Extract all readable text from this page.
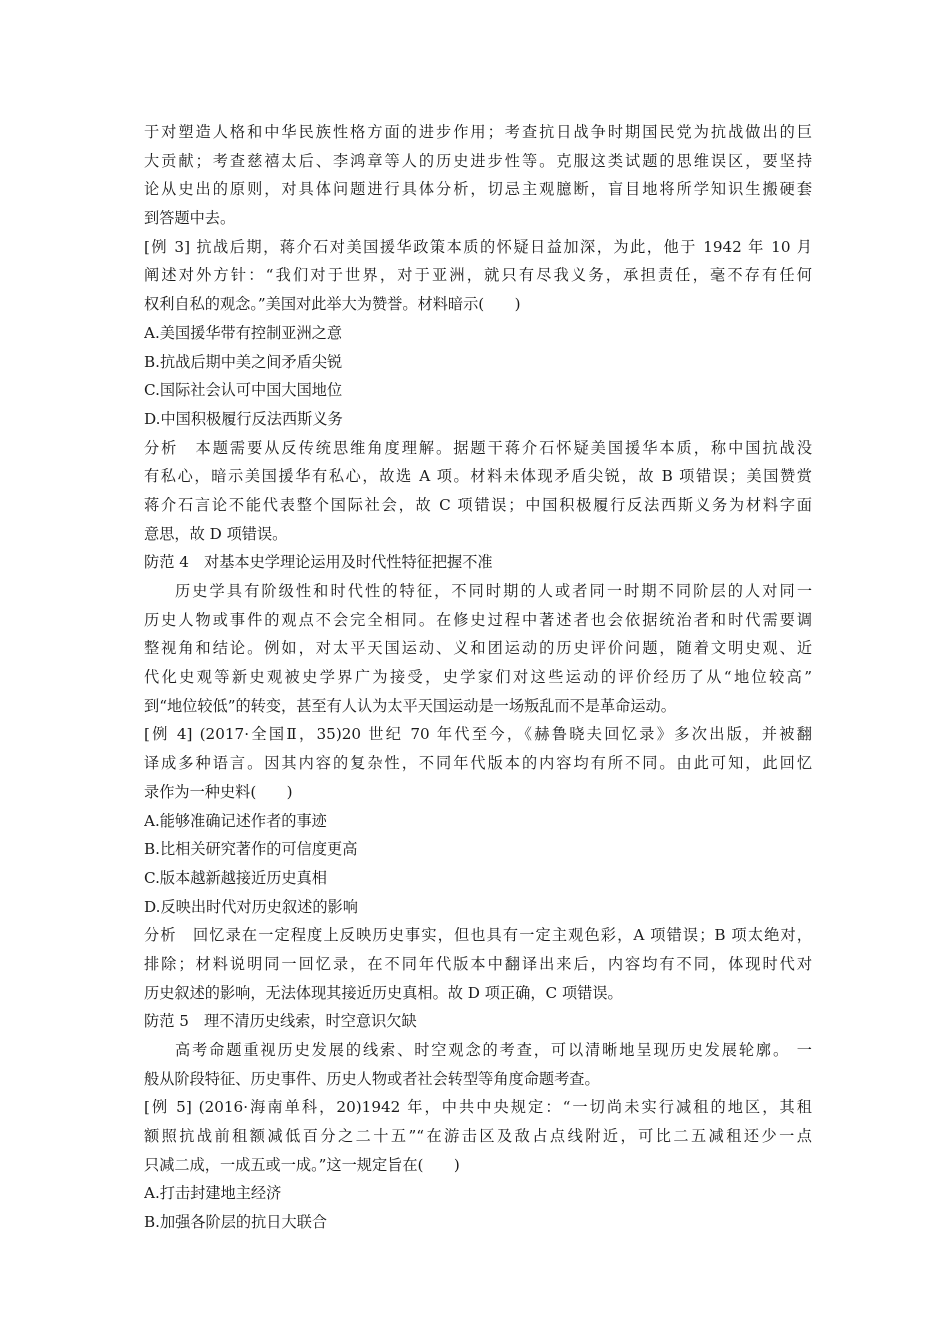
于对塑造人格和中华民族性格方面的进步作用；考查抗日战争时期国民党为抗战做出的巨
大贡献；考查慈禧太后、李鸿章等人的历史进步性等。克服这类试题的思维误区，要坚持
论从史出的原则，对具体问题进行具体分析，切忌主观臆断，盲目地将所学知识生搬硬套
到答题中去。
[例 3] 抗战后期，蒋介石对美国援华政策本质的怀疑日益加深，为此，他于 1942 年 10 月
阐述对外方针：“我们对于世界，对于亚洲，就只有尽我义务，承担责任，毫不存有任何
权利自私的观念。”美国对此举大为赞誉。材料暗示(　　)
A.美国援华带有控制亚洲之意
B.抗战后期中美之间矛盾尖锐
C.国际社会认可中国大国地位
D.中国积极履行反法西斯义务
分析　本题需要从反传统思维角度理解。据题干蒋介石怀疑美国援华本质，称中国抗战没
有私心，暗示美国援华有私心，故选 A 项。材料未体现矛盾尖锐，故 B 项错误；美国赞赏
蒋介石言论不能代表整个国际社会，故 C 项错误；中国积极履行反法西斯义务为材料字面
意思，故 D 项错误。
防范 4　对基本史学理论运用及时代性特征把握不准
历史学具有阶级性和时代性的特征，不同时期的人或者同一时期不同阶层的人对同一
历史人物或事件的观点不会完全相同。在修史过程中著述者也会依据统治者和时代需要调
整视角和结论。例如，对太平天国运动、义和团运动的历史评价问题，随着文明史观、近
代化史观等新史观被史学界广为接受，史学家们对这些运动的评价经历了从“地位较高”
到“地位较低”的转变，甚至有人认为太平天国运动是一场叛乱而不是革命运动。
[例 4] (2017·全国Ⅱ，35)20 世纪 70 年代至今，《赫鲁晓夫回忆录》多次出版，并被翻
译成多种语言。因其内容的复杂性，不同年代版本的内容均有所不同。由此可知，此回忆
录作为一种史料(　　)
A.能够准确记述作者的事迹
B.比相关研究著作的可信度更高
C.版本越新越接近历史真相
D.反映出时代对历史叙述的影响
分析　回忆录在一定程度上反映历史事实，但也具有一定主观色彩，A 项错误；B 项太绝对，
排除；材料说明同一回忆录，在不同年代版本中翻译出来后，内容均有不同，体现时代对
历史叙述的影响，无法体现其接近历史真相。故 D 项正确，C 项错误。
防范 5　理不清历史线索，时空意识欠缺
高考命题重视历史发展的线索、时空观念的考查，可以清晰地呈现历史发展轮廓。 一
般从阶段特征、历史事件、历史人物或者社会转型等角度命题考查。
[例 5] (2016·海南单科，20)1942 年，中共中央规定：“一切尚未实行减租的地区，其租
额照抗战前租额减低百分之二十五”“在游击区及敌占点线附近，可比二五减租还少一点
只减二成，一成五或一成。”这一规定旨在(　　)
A.打击封建地主经济
B.加强各阶层的抗日大联合
